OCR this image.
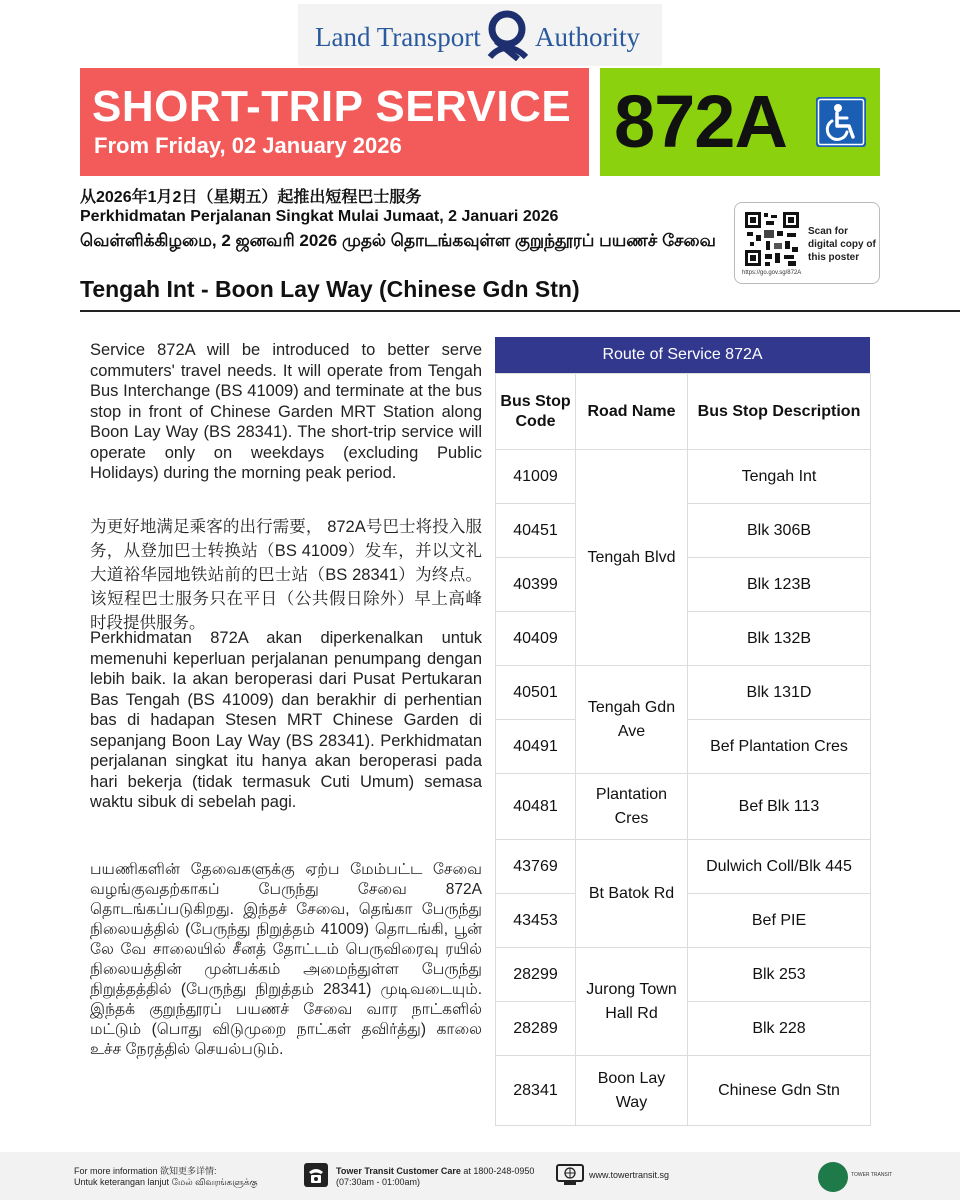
Land Transport Authority
SHORT-TRIP SERVICE
From Friday, 02 January 2026	872A
从2026年1月2日（星期五）起推出短程巴士服务
Perkhidmatan Perjalanan Singkat Mulai Jumaat, 2 Januari 2026
வெள்ளிக்கிழமை, 2 ஜனவரி 2026 முதல் தொடங்கவுள்ள குறுந்தூரப் பயணச் சேவை
https://go.gov.sg/872A
Scan for digital copy of this poster
Tengah Int - Boon Lay Way (Chinese Gdn Stn)

Service 872A will be introduced to better serve commuters' travel needs. It will operate from Tengah Bus Interchange (BS 41009) and terminate at the bus stop in front of Chinese Garden MRT Station along Boon Lay Way (BS 28341). The short-trip service will operate only on weekdays (excluding Public Holidays) during the morning peak period.

为更好地满足乘客的出行需要， 872A号巴士将投入服务，从登加巴士转换站（BS 41009）发车，并以文礼大道裕华园地铁站前的巴士站（BS 28341）为终点。该短程巴士服务只在平日（公共假日除外）早上高峰时段提供服务。

Perkhidmatan 872A akan diperkenalkan untuk memenuhi keperluan perjalanan penumpang dengan lebih baik. Ia akan beroperasi dari Pusat Pertukaran Bas Tengah (BS 41009) dan berakhir di perhentian bas di hadapan Stesen MRT Chinese Garden di sepanjang Boon Lay Way (BS 28341). Perkhidmatan perjalanan singkat itu hanya akan beroperasi pada hari bekerja (tidak termasuk Cuti Umum) semasa waktu sibuk di sebelah pagi.

பயணிகளின் தேவைகளுக்கு ஏற்ப மேம்பட்ட சேவை வழங்குவதற்காகப் பேருந்து சேவை 872A தொடங்கப்படுகிறது. இந்தச் சேவை, தெங்கா பேருந்து நிலையத்தில் (பேருந்து நிறுத்தம் 41009) தொடங்கி, பூன் லே வே சாலையில் சீனத் தோட்டம் பெருவிரைவு ரயில் நிலையத்தின் முன்பக்கம் அமைந்துள்ள பேருந்து நிறுத்தத்தில் (பேருந்து நிறுத்தம் 28341) முடிவடையும். இந்தக் குறுந்தூரப் பயணச் சேவை வார நாட்களில் மட்டும் (பொது விடுமுறை நாட்கள் தவிர்த்து) காலை உச்ச நேரத்தில் செயல்படும்.

Route of Service 872A
Bus Stop Code	Road Name	Bus Stop Description
41009	Tengah Blvd	Tengah Int
40451		Blk 306B
40399		Blk 123B
40409		Blk 132B
40501	Tengah Gdn Ave	Blk 131D
40491		Bef Plantation Cres
40481	Plantation Cres	Bef Blk 113
43769	Bt Batok Rd	Dulwich Coll/Blk 445
43453		Bef PIE
28299	Jurong Town Hall Rd	Blk 253
28289		Blk 228
28341	Boon Lay Way	Chinese Gdn Stn
For more information 欲知更多详情:
Untuk keterangan lanjut மேல் விவரங்களுக்கு
Tower Transit Customer Care at 1800-248-0950
(07:30am - 01:00am)
www.towertransit.sg	TOWER TRANSIT
